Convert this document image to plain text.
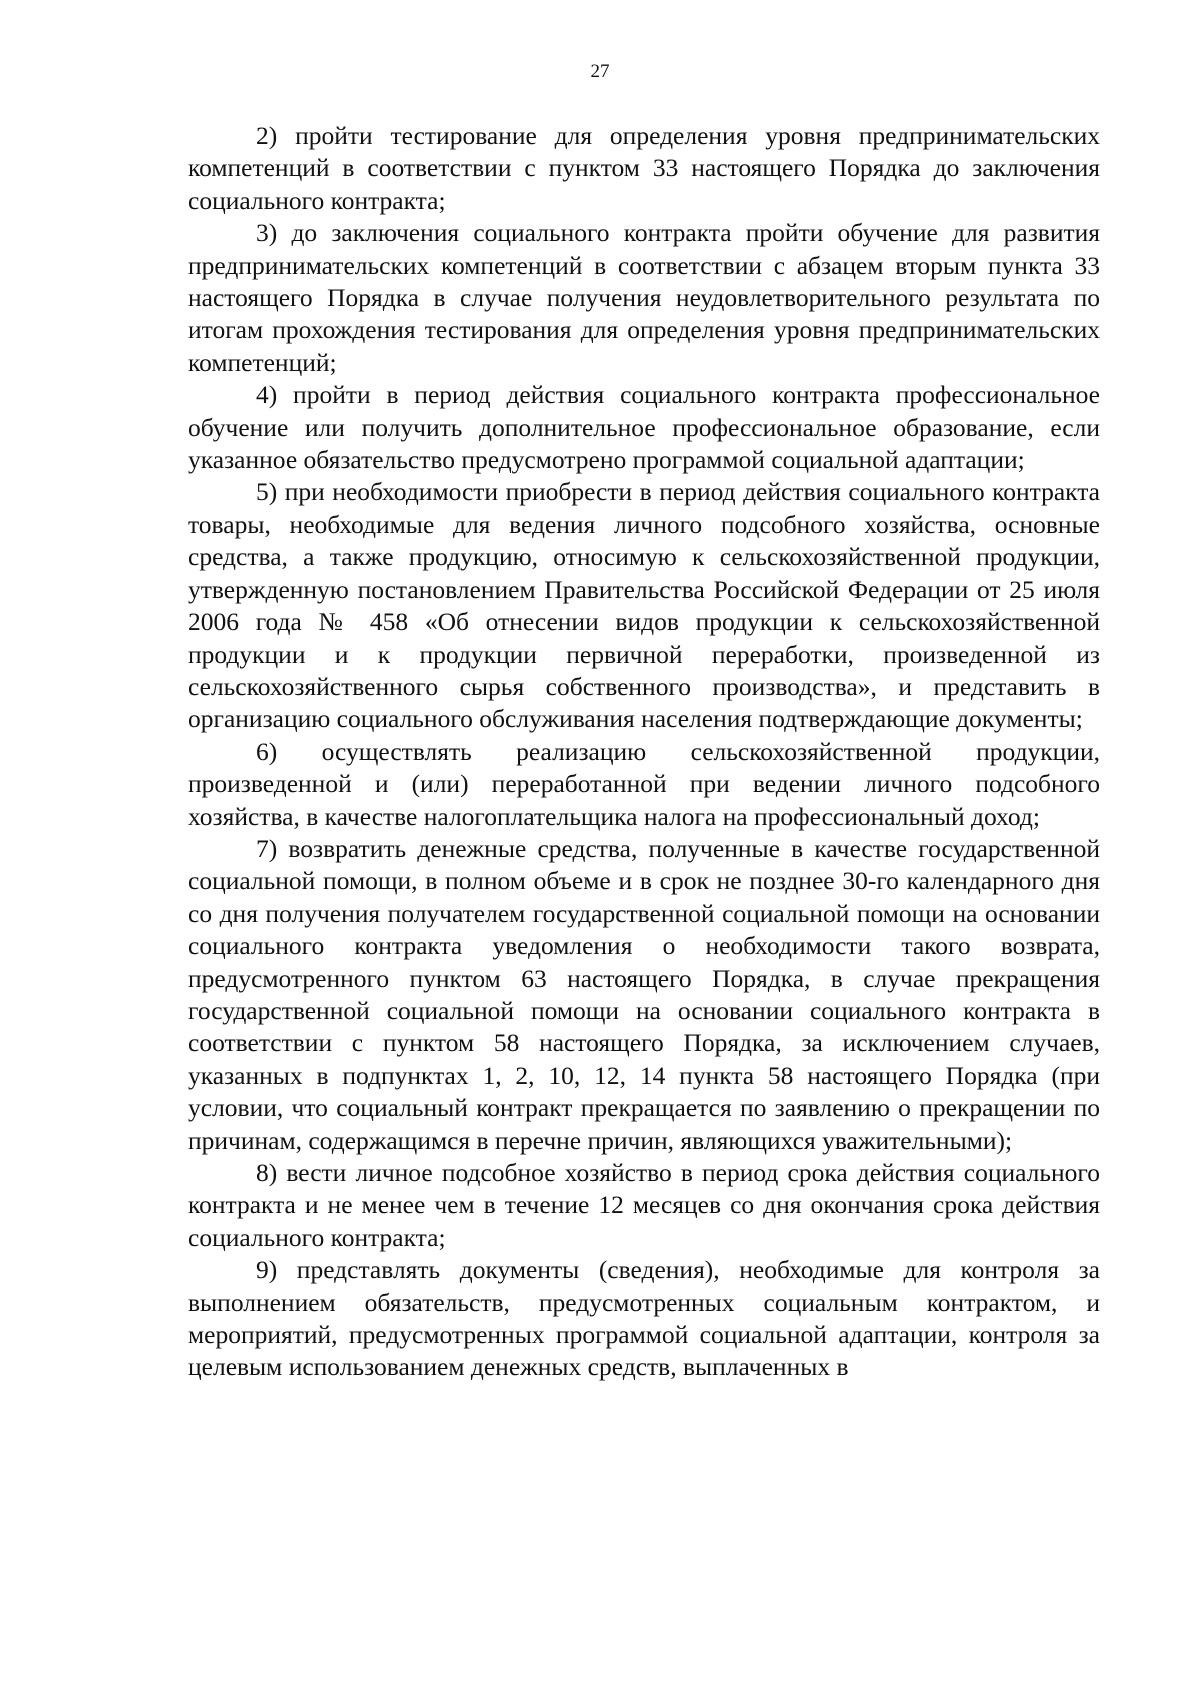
27

2) пройти тестирование для определения уровня предпринимательских компетенций в соответствии с пунктом 33 настоящего Порядка до заключения социального контракта;

3) до заключения социального контракта пройти обучение для развития предпринимательских компетенций в соответствии с абзацем вторым пункта 33 настоящего Порядка в случае получения неудовлетворительного результата по итогам прохождения тестирования для определения уровня предпринимательских компетенций;

4) пройти в период действия социального контракта профессиональное обучение или получить дополнительное профессиональное образование, если указанное обязательство предусмотрено программой социальной адаптации;

5) при необходимости приобрести в период действия социального контракта товары, необходимые для ведения личного подсобного хозяйства, основные средства, а также продукцию, относимую к сельскохозяйственной продукции, утвержденную постановлением Правительства Российской Федерации от 25 июля 2006 года № 458 «Об отнесении видов продукции к сельскохозяйственной продукции и к продукции первичной переработки, произведенной из сельскохозяйственного сырья собственного производства», и представить в организацию социального обслуживания населения подтверждающие документы;

6) осуществлять реализацию сельскохозяйственной продукции, произведенной и (или) переработанной при ведении личного подсобного хозяйства, в качестве налогоплательщика налога на профессиональный доход;

7) возвратить денежные средства, полученные в качестве государственной социальной помощи, в полном объеме и в срок не позднее 30-го календарного дня со дня получения получателем государственной социальной помощи на основании социального контракта уведомления о необходимости такого возврата, предусмотренного пунктом 63 настоящего Порядка, в случае прекращения государственной социальной помощи на основании социального контракта в соответствии с пунктом 58 настоящего Порядка, за исключением случаев, указанных в подпунктах 1, 2, 10, 12, 14 пункта 58 настоящего Порядка (при условии, что социальный контракт прекращается по заявлению о прекращении по причинам, содержащимся в перечне причин, являющихся уважительными);

8) вести личное подсобное хозяйство в период срока действия социального контракта и не менее чем в течение 12 месяцев со дня окончания срока действия социального контракта;

9) представлять документы (сведения), необходимые для контроля за выполнением обязательств, предусмотренных социальным контрактом, и мероприятий, предусмотренных программой социальной адаптации, контроля за целевым использованием денежных средств, выплаченных в
